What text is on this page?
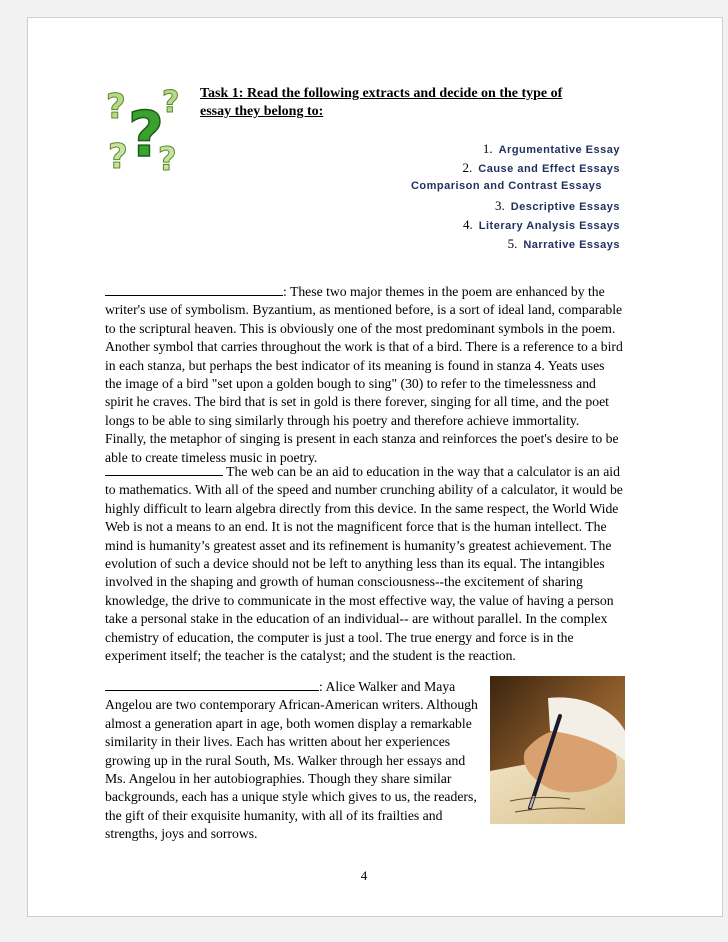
? ?
?
? ?
Task 1: Read the following extracts and decide on the type of
essay they belong to:
1. Argumentative Essay
2. Cause and Effect Essays
Comparison and Contrast Essays
3. Descriptive Essays
4. Literary Analysis Essays
5. Narrative Essays
: These two major themes in the poem are enhanced by the writer's use of symbolism. Byzantium, as mentioned before, is a sort of ideal land, comparable to the scriptural heaven. This is obviously one of the most predominant symbols in the poem. Another symbol that carries throughout the work is that of a bird. There is a reference to a bird in each stanza, but perhaps the best indicator of its meaning is found in stanza 4. Yeats uses the image of a bird "set upon a golden bough to sing" (30) to refer to the timelessness and spirit he craves. The bird that is set in gold is there forever, singing for all time, and the poet longs to be able to sing similarly through his poetry and therefore achieve immortality. Finally, the metaphor of singing is present in each stanza and reinforces the poet's desire to be able to create timeless music in poetry.
The web can be an aid to education in the way that a calculator is an aid to mathematics. With all of the speed and number crunching ability of a calculator, it would be highly difficult to learn algebra directly from this device. In the same respect, the World Wide Web is not a means to an end. It is not the magnificent force that is the human intellect. The mind is humanity’s greatest asset and its refinement is humanity’s greatest achievement. The evolution of such a device should not be left to anything less than its equal. The intangibles involved in the shaping and growth of human consciousness--the excitement of sharing knowledge, the drive to communicate in the most effective way, the value of having a person take a personal stake in the education of an individual-- are without parallel. In the complex chemistry of education, the computer is just a tool. The true energy and force is in the experiment itself; the teacher is the catalyst; and the student is the reaction.
: Alice Walker and Maya Angelou are two contemporary African-American writers. Although almost a generation apart in age, both women display a remarkable similarity in their lives. Each has written about her experiences growing up in the rural South, Ms. Walker through her essays and Ms. Angelou in her autobiographies. Though they share similar backgrounds, each has a unique style which gives to us, the readers, the gift of their exquisite humanity, with all of its frailties and strengths, joys and sorrows.
4
